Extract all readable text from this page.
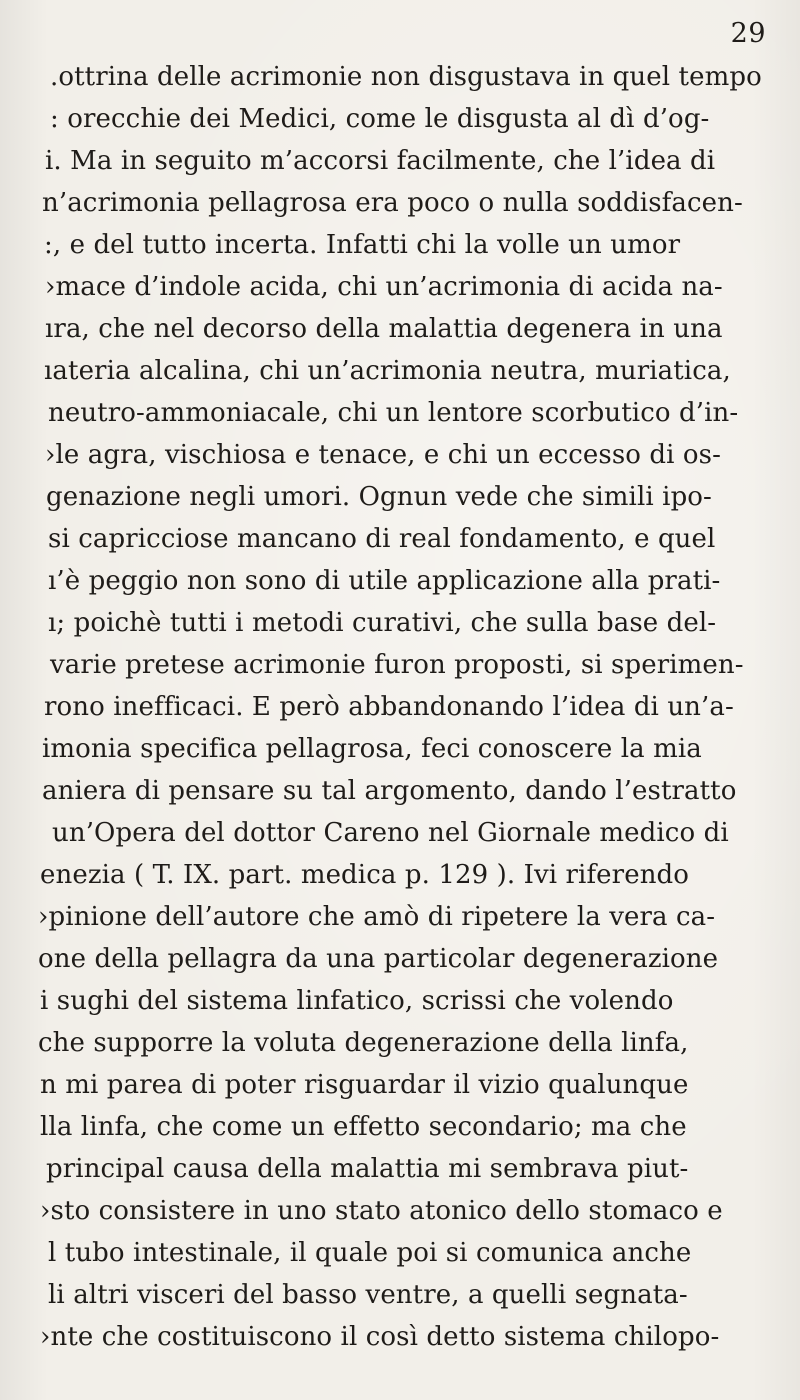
29
.ottrina delle acrimonie non disgustava in quel tempo
: orecchie dei Medici, come le disgusta al dì d’og-
i. Ma in seguito m’accorsi facilmente, che l’idea di
n’acrimonia pellagrosa era poco o nulla soddisfacen-
:, e del tutto incerta. Infatti chi la volle un umor
›mace d’indole acida, chi un’acrimonia di acida na-
ıra, che nel decorso della malattia degenera in una
ıateria alcalina, chi un’acrimonia neutra, muriatica,
neutro-ammoniacale, chi un lentore scorbutico d’in-
›le agra, vischiosa e tenace, e chi un eccesso di os-
genazione negli umori. Ognun vede che simili ipo-
si capricciose mancano di real fondamento, e quel
ı’è peggio non sono di utile applicazione alla prati-
ı; poichè tutti i metodi curativi, che sulla base del-
varie pretese acrimonie furon proposti, si sperimen-
rono inefficaci. E però abbandonando l’idea di un’a-
imonia specifica pellagrosa, feci conoscere la mia
aniera di pensare su tal argomento, dando l’estratto
un’Opera del dottor Careno nel Giornale medico di
enezia ( T. IX. part. medica p. 129 ). Ivi riferendo
›pinione dell’autore che amò di ripetere la vera ca-
one della pellagra da una particolar degenerazione
i sughi del sistema linfatico, scrissi che volendo
che supporre la voluta degenerazione della linfa,
n mi parea di poter risguardar il vizio qualunque
lla linfa, che come un effetto secondario; ma che
principal causa della malattia mi sembrava piut-
›sto consistere in uno stato atonico dello stomaco e
l tubo intestinale, il quale poi si comunica anche
li altri visceri del basso ventre, a quelli segnata-
›nte che costituiscono il così detto sistema chilopo-
